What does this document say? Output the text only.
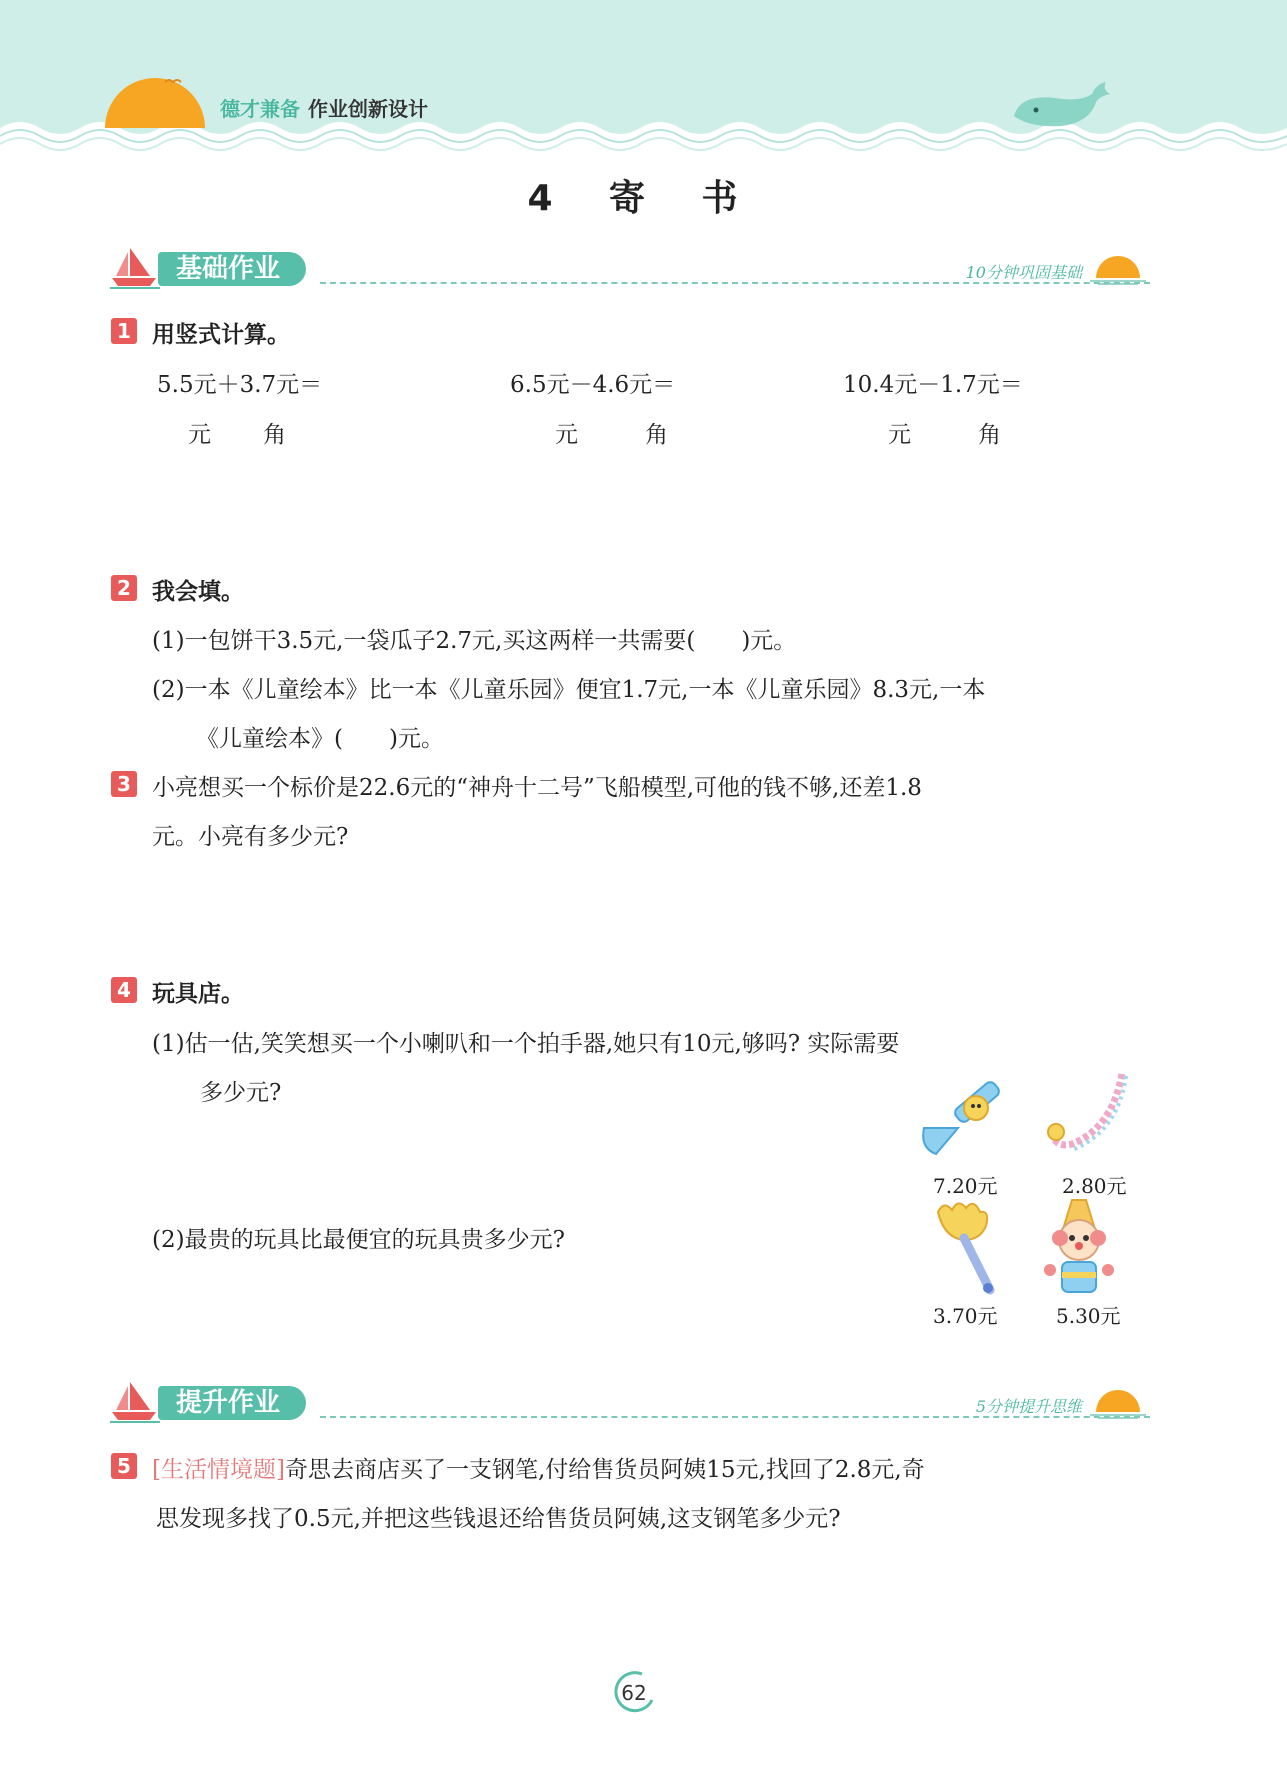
德才兼备 作业创新设计
4 寄 书
基础作业	10分钟巩固基础
1 用竖式计算。
5.5元＋3.7元＝	6.5元－4.6元＝	10.4元－1.7元＝
元 角	元	角	元	角
2 我会填。
(1)一包饼干3.5元,一袋瓜子2.7元,买这两样一共需要(　　)元。
(2)一本《儿童绘本》比一本《儿童乐园》便宜1.7元,一本《儿童乐园》8.3元,一本
《儿童绘本》(　　)元。
3 小亮想买一个标价是22.6元的“神舟十二号”飞船模型,可他的钱不够,还差1.8
元。小亮有多少元?
4 玩具店。
(1)估一估,笑笑想买一个小喇叭和一个拍手器,她只有10元,够吗? 实际需要
多少元?
(2)最贵的玩具比最便宜的玩具贵多少元?
7.20元	2.80元
3.70元	5.30元
提升作业	5分钟提升思维
5 [生活情境题]奇思去商店买了一支钢笔,付给售货员阿姨15元,找回了2.8元,奇
思发现多找了0.5元,并把这些钱退还给售货员阿姨,这支钢笔多少元?
62
